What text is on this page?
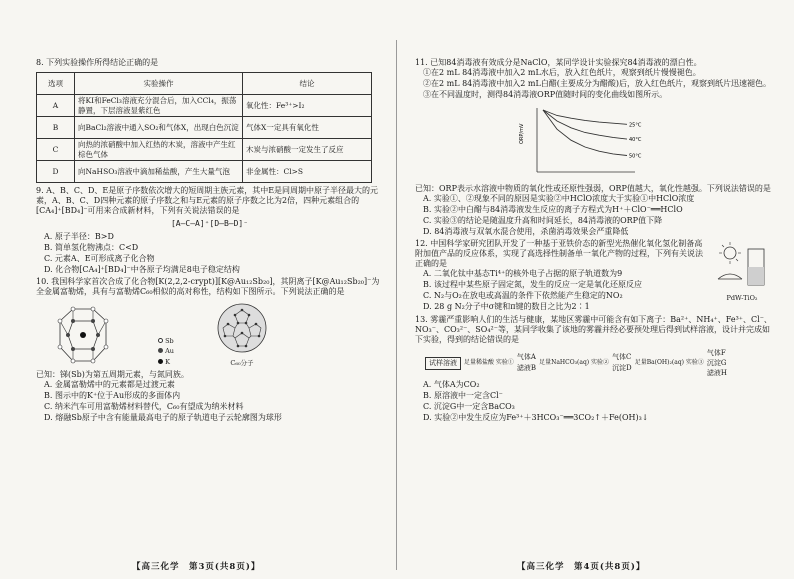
8. 下列实验操作所得结论正确的是
选项	实验操作	结论
A	将KI和FeCl₃溶液充分混合后，加入CCl₄，振荡静置，下层溶液显紫红色	氧化性：Fe³⁺>I₂
B	向BaCl₂溶液中通入SO₂和气体X，出现白色沉淀	气体X一定具有氧化性
C	向热的浓硝酸中加入红热的木炭，溶液中产生红棕色气体	木炭与浓硝酸一定发生了反应
D	向NaHSO₃溶液中滴加稀盐酸，产生大量气泡	非金属性：Cl>S
9. A、B、C、D、E是原子序数依次增大的短周期主族元素，其中E是同周期中原子半径最大的元素，A、B、C、D四种元素的原子序数之和与E元素的原子序数之比为2倍，四种元素组合的[CA₄]⁺[BD₄]⁻可用来合成新材料，下列有关说法错误的是
[A—C—A]⁺[D—B—D]⁻
A. 原子半径：B>D
B. 简单氢化物沸点：C<D
C. 元素A、E可形成离子化合物
D. 化合物[CA₄]⁺[BD₄]⁻中各原子均满足8电子稳定结构
10. 我国科学家首次合成了化合物[K(2,2,2-crypt)][K@Au₁₂Sb₂₀]，其阴离子[K@Au₁₂Sb₂₀]⁻为全金属富勒烯，具有与富勒烯C₆₀相似的高对称性，结构如下图所示。下列说法正确的是
Sb
Au
K	C₆₀分子
已知：锑(Sb)为第五周期元素，与氮同族。
A. 金属富勒烯中的元素都是过渡元素
B. 图示中的K⁺位于Au形成的多面体内
C. 纳米汽车可用富勒烯材料替代，C₆₀有望成为纳米材料
D. 熔融Sb原子中含有能量最高电子的原子轨道电子云轮廓图为球形
【高三化学　第3页(共8页)】
11. 已知84消毒液有效成分是NaClO，某同学设计实验探究84消毒液的漂白性。
①在2 mL 84消毒液中加入2 mL水后，放入红色纸片，观察到纸片慢慢褪色。
②在2 mL 84消毒液中加入2 mL白醋(主要成分为醋酸)后，放入红色纸片，观察到纸片迅速褪色。
③在不同温度时，测得84消毒液ORP值随时间的变化曲线如图所示。
ORP/mV	25°C
40°C
50°C
已知：ORP表示水溶液中物质的氧化性或还原性强弱，ORP值越大，氧化性越强。下列说法错误的是
A. 实验①、②现象不同的原因是实验②中HClO浓度大于实验①中HClO浓度
B. 实验②中白醋与84消毒液发生反应的离子方程式为H⁺＋ClO⁻══HClO
C. 实验③的结论是随温度升高和时间延长，84消毒液的ORP值下降
D. 84消毒液与双氧水混合使用，杀菌消毒效果会严重降低
12. 中国科学家研究团队开发了一种基于亚铁价态的新型光热催化氧化氢化制备高附加值产品的反应体系，实现了高选择性制备单一氧化产物的过程，下列有关说法正确的是
A. 二氧化钛中基态Ti⁴⁺的核外电子占据的原子轨道数为9
B. 该过程中某些原子固定氮，发生的反应一定是氧化还原反应
C. N₂与O₂在放电或高温的条件下依然能产生稳定的NO₂
D. 28 g N₂分子中σ键和π键的数目之比为2∶1
PdW-TiO₂
13. 雾霾严重影响人们的生活与健康，某地区雾霾中可能含有如下离子：Ba²⁺、NH₄⁺、Fe³⁺、Cl⁻、NO₃⁻、CO₃²⁻、SO₄²⁻等，某同学收集了该地的雾霾并经必要预处理后得到试样溶液，设计并完成如下实验，得到的结论错误的是
试样溶液	足量稀盐酸 实验①
气体A
滤液B
足量NaHCO₃(aq) 实验②
气体C
沉淀D
足量Ba(OH)₂(aq) 实验③
气体F
沉淀G
滤液H
A. 气体A为CO₂
B. 原溶液中一定含Cl⁻
C. 沉淀G中一定含BaCO₃
D. 实验②中发生反应为Fe³⁺＋3HCO₃⁻══3CO₂↑＋Fe(OH)₃↓
【高三化学　第4页(共8页)】
